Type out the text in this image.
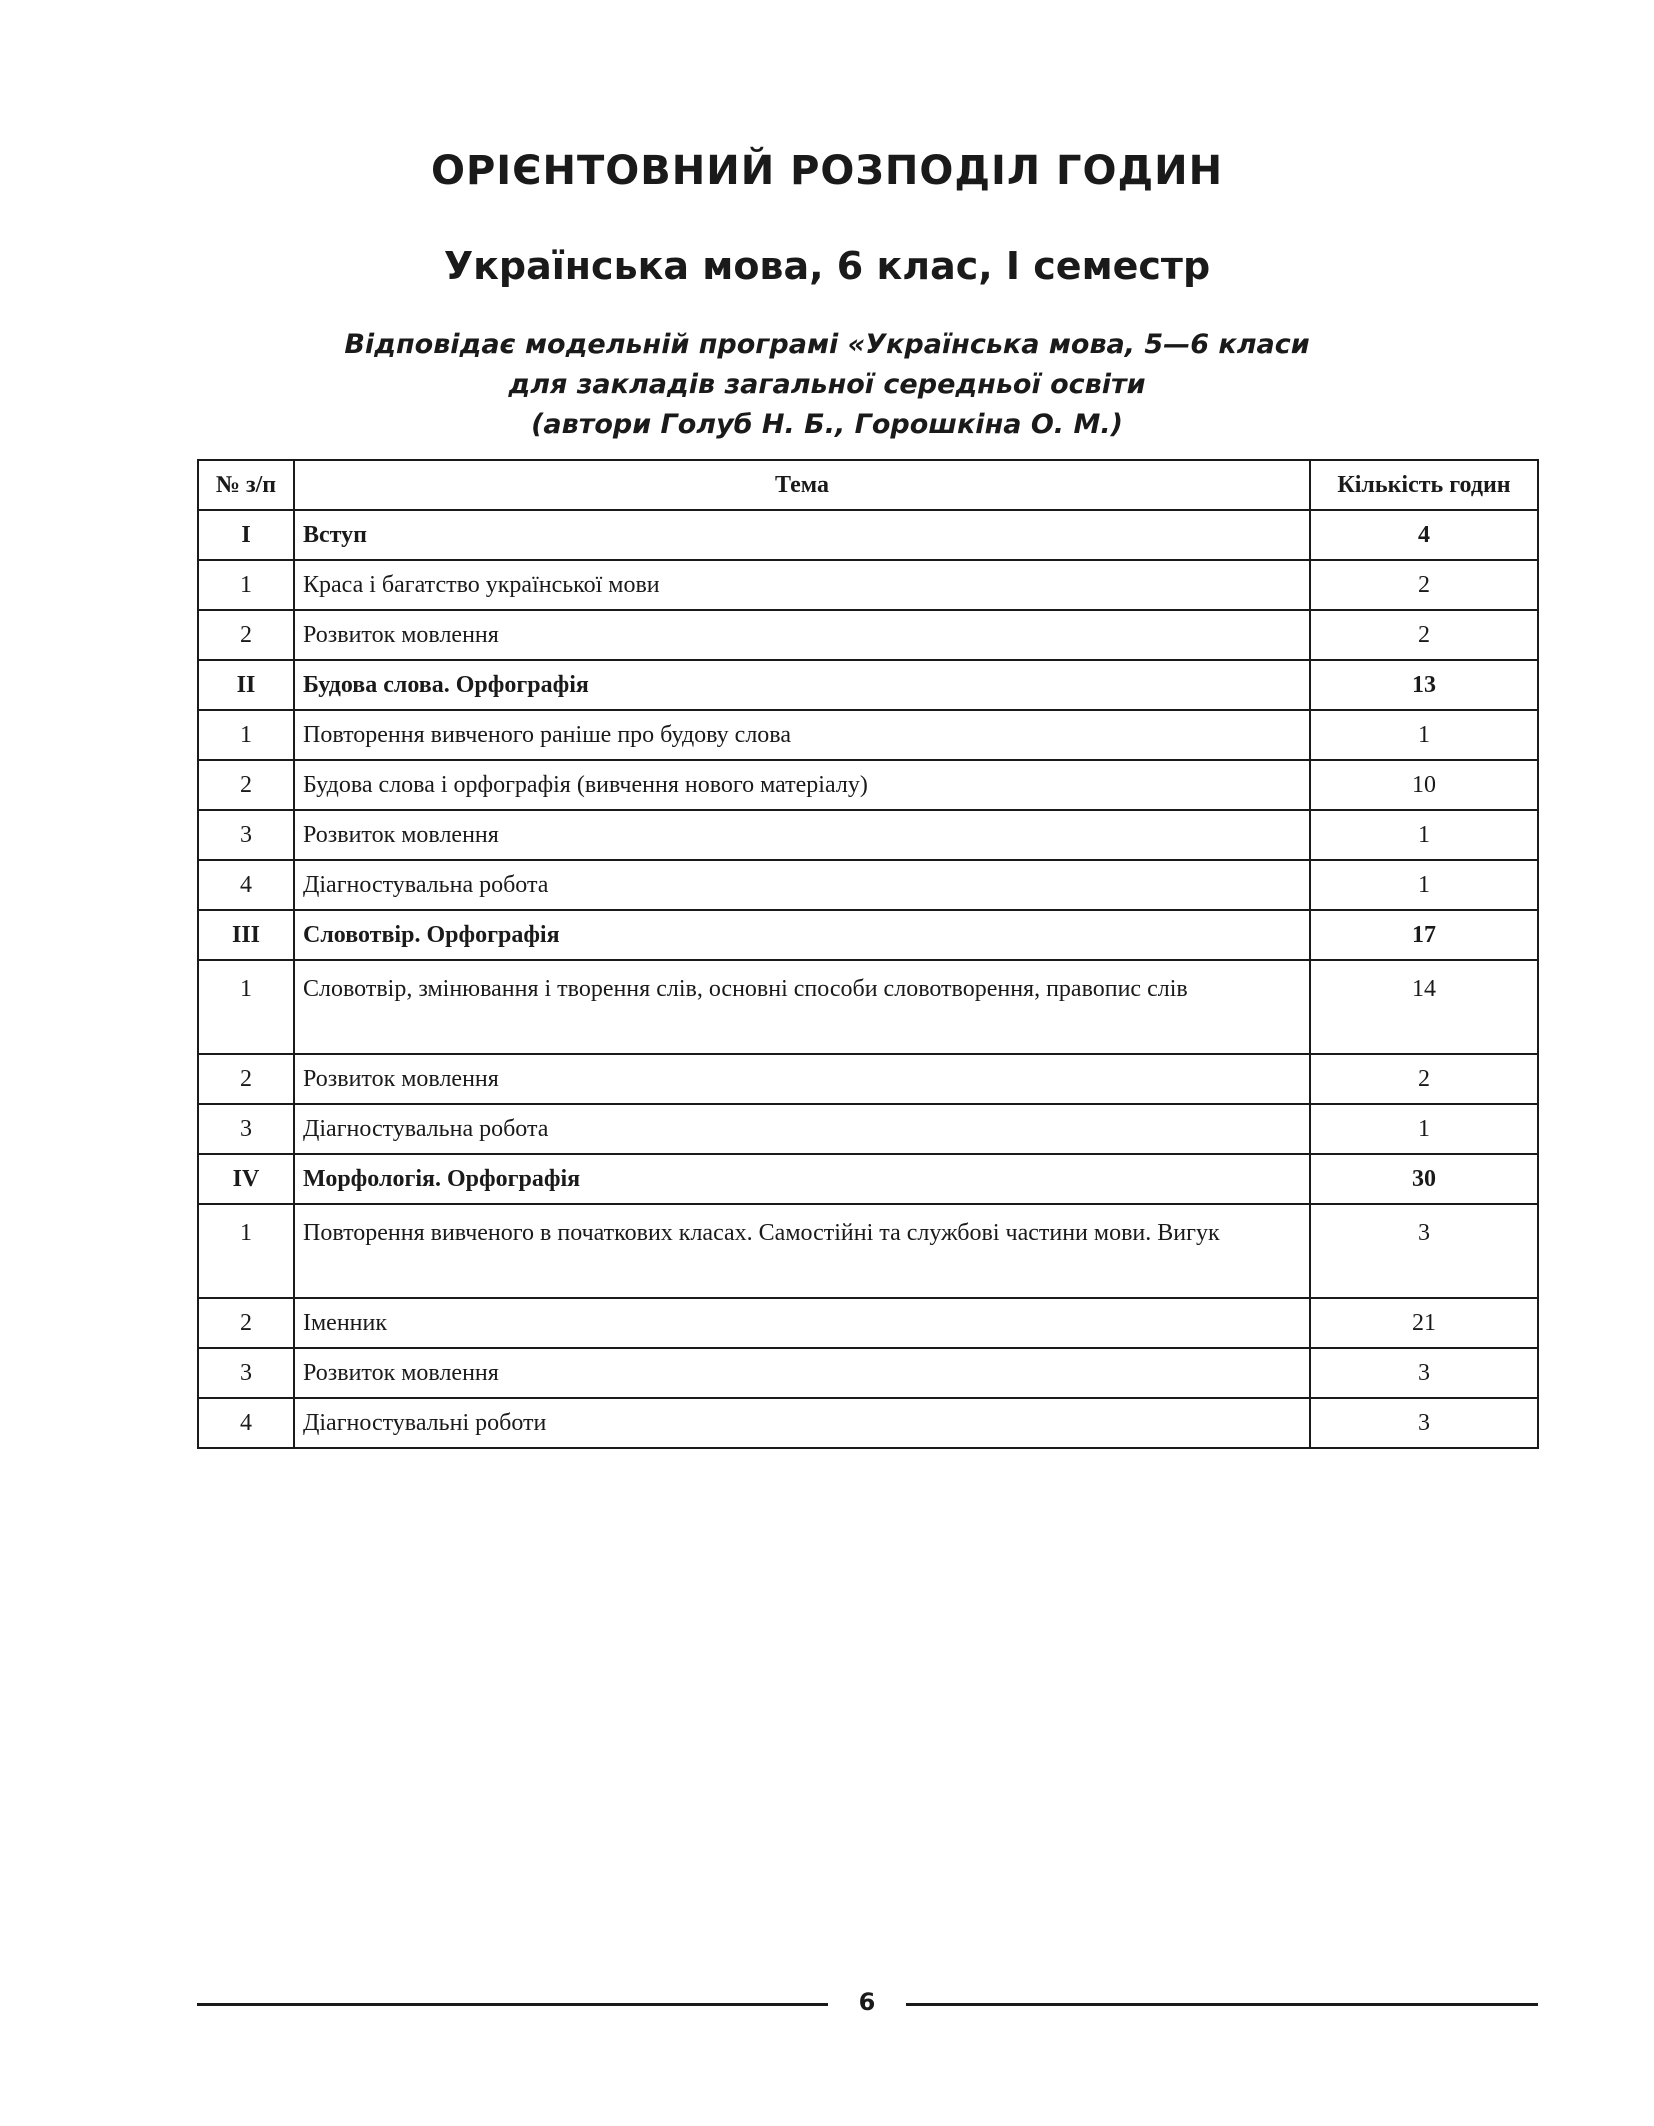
ОРІЄНТОВНИЙ РОЗПОДІЛ ГОДИН
Українська мова, 6 клас, I семестр

Відповідає модельній програмі «Українська мова, 5—6 класи
для закладів загальної середньої освіти
(автори Голуб Н. Б., Горошкіна О. М.)

№ з/п	Тема	Кількість годин
I	Вступ	4
1	Краса і багатство української мови	2
2	Розвиток мовлення	2
II	Будова слова. Орфографія	13
1	Повторення вивченого раніше про будову слова	1
2	Будова слова і орфографія (вивчення нового матеріалу)	10
3	Розвиток мовлення	1
4	Діагностувальна робота	1
III	Словотвір. Орфографія	17
1	Словотвір, змінювання і творення слів, основні способи словотворення, правопис слів	14
2	Розвиток мовлення	2
3	Діагностувальна робота	1
IV	Морфологія. Орфографія	30
1	Повторення вивченого в початкових класах. Самостійні та службові частини мови. Вигук	3
2	Іменник	21
3	Розвиток мовлення	3
4	Діагностувальні роботи	3
6
